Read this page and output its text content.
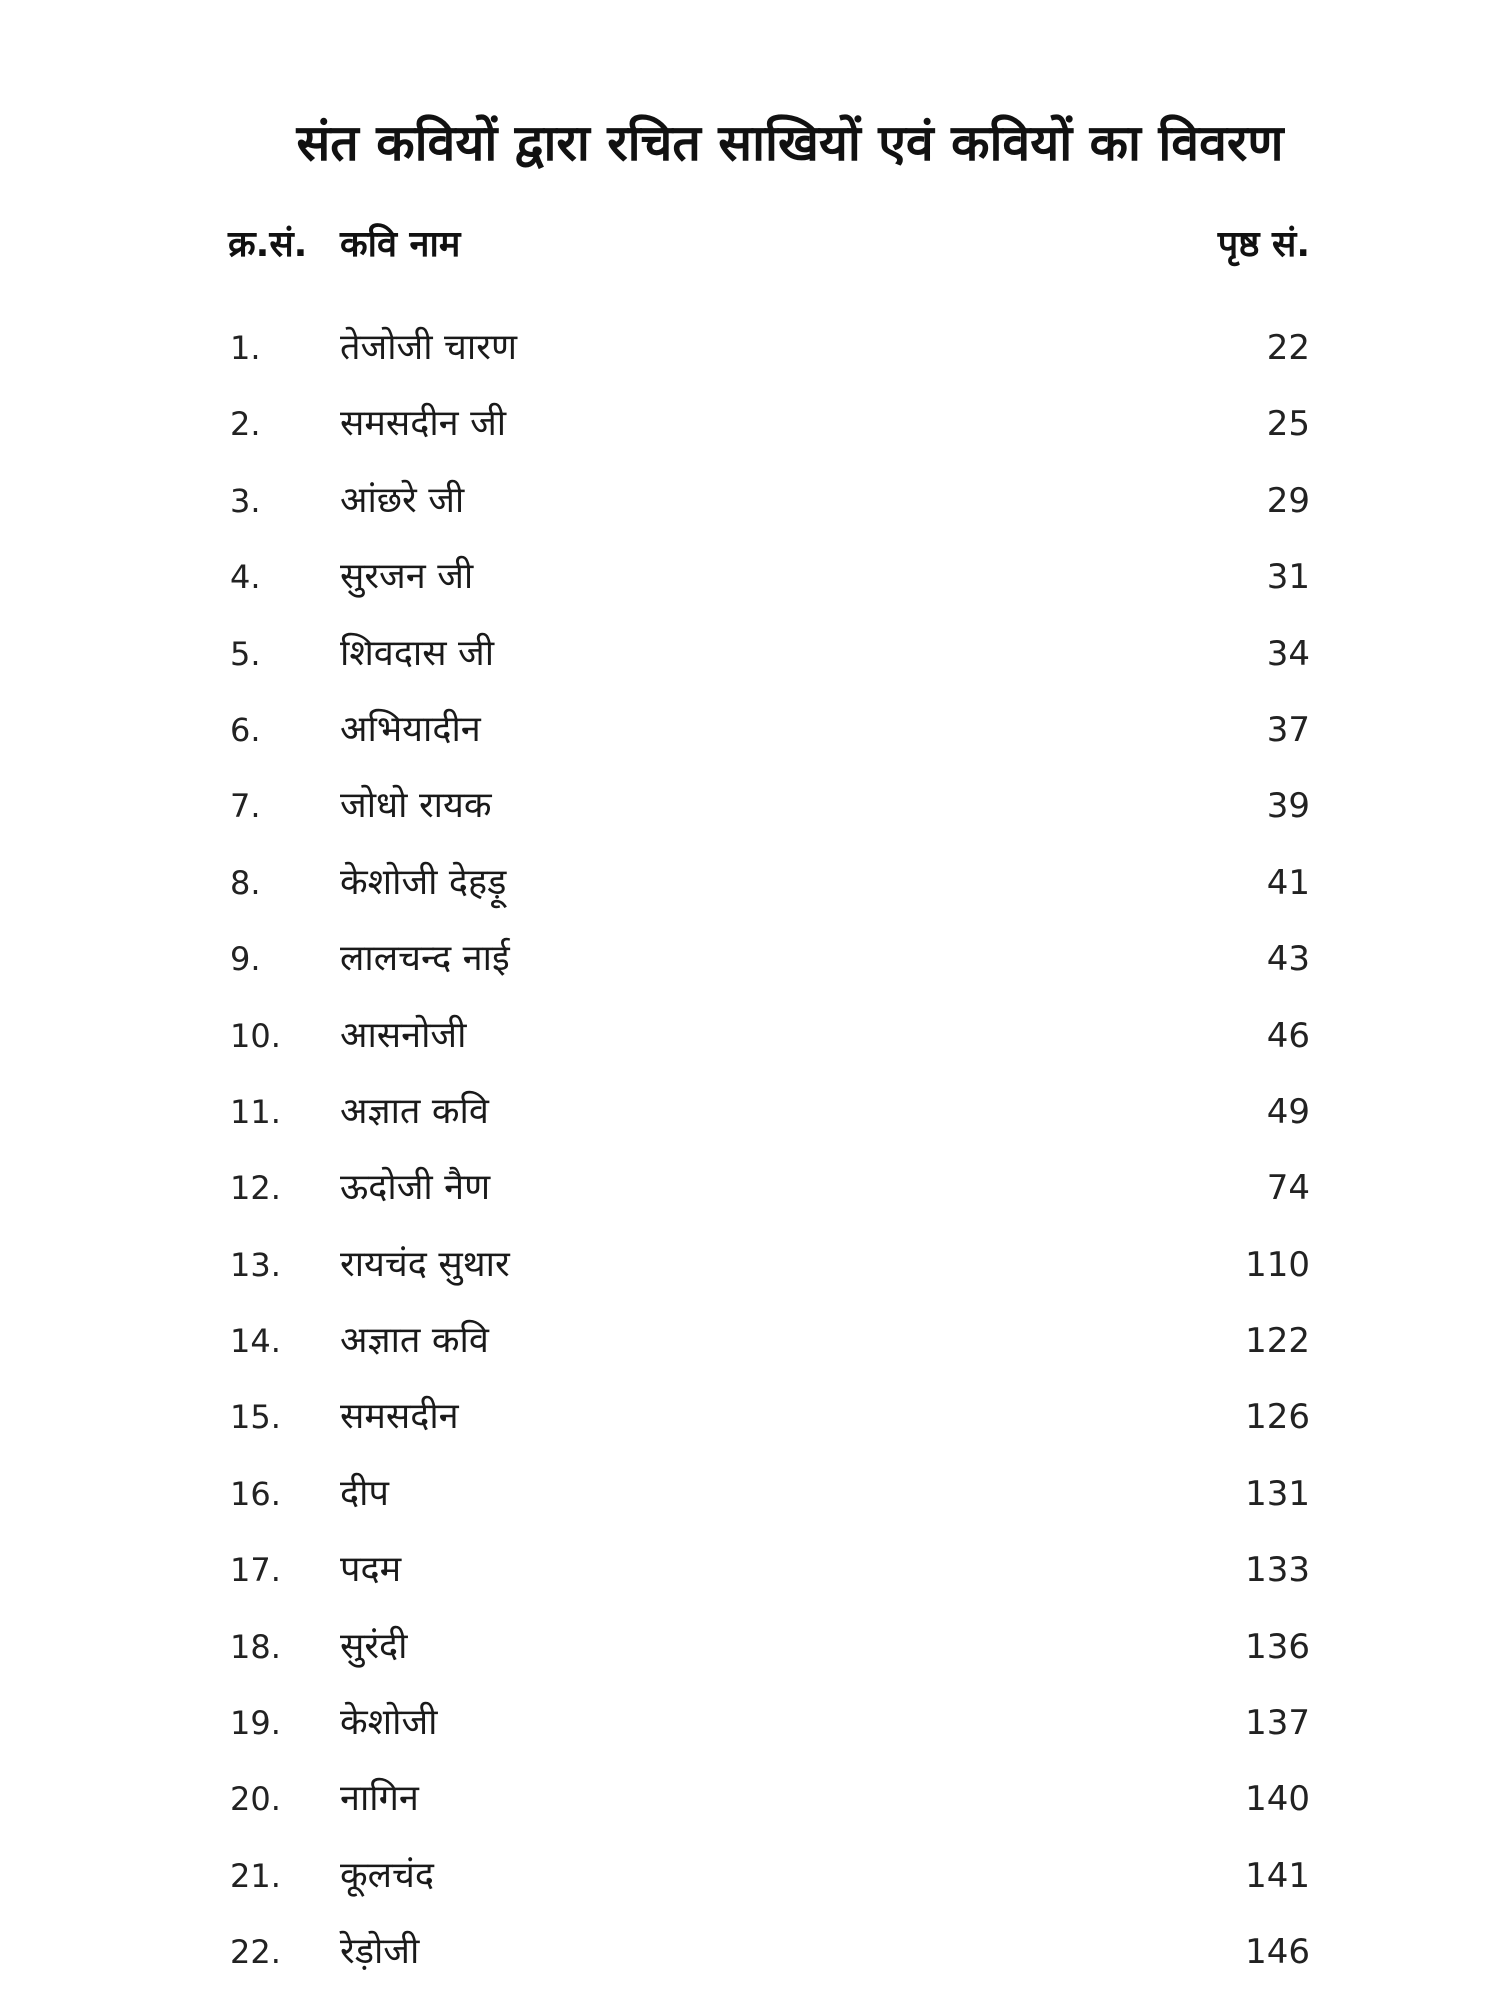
संत कवियों द्वारा रचित साखियों एवं कवियों का विवरण
क्र.सं. कवि नाम	पृष्ठ सं.
1. तेजोजी चारण	22
2. समसदीन जी	25
3. आंछरे जी	29
4. सुरजन जी	31
5. शिवदास जी	34
6. अभियादीन	37
7. जोधो रायक	39
8. केशोजी देहड़ू	41
9. लालचन्द नाई	43
10. आसनोजी	46
11. अज्ञात कवि	49
12. ऊदोजी नैण	74
13. रायचंद सुथार	110
14. अज्ञात कवि	122
15. समसदीन	126
16. दीप	131
17. पदम	133
18. सुरंदी	136
19. केशोजी	137
20. नागिन	140
21. कूलचंद	141
22. रेड़ोजी	146
